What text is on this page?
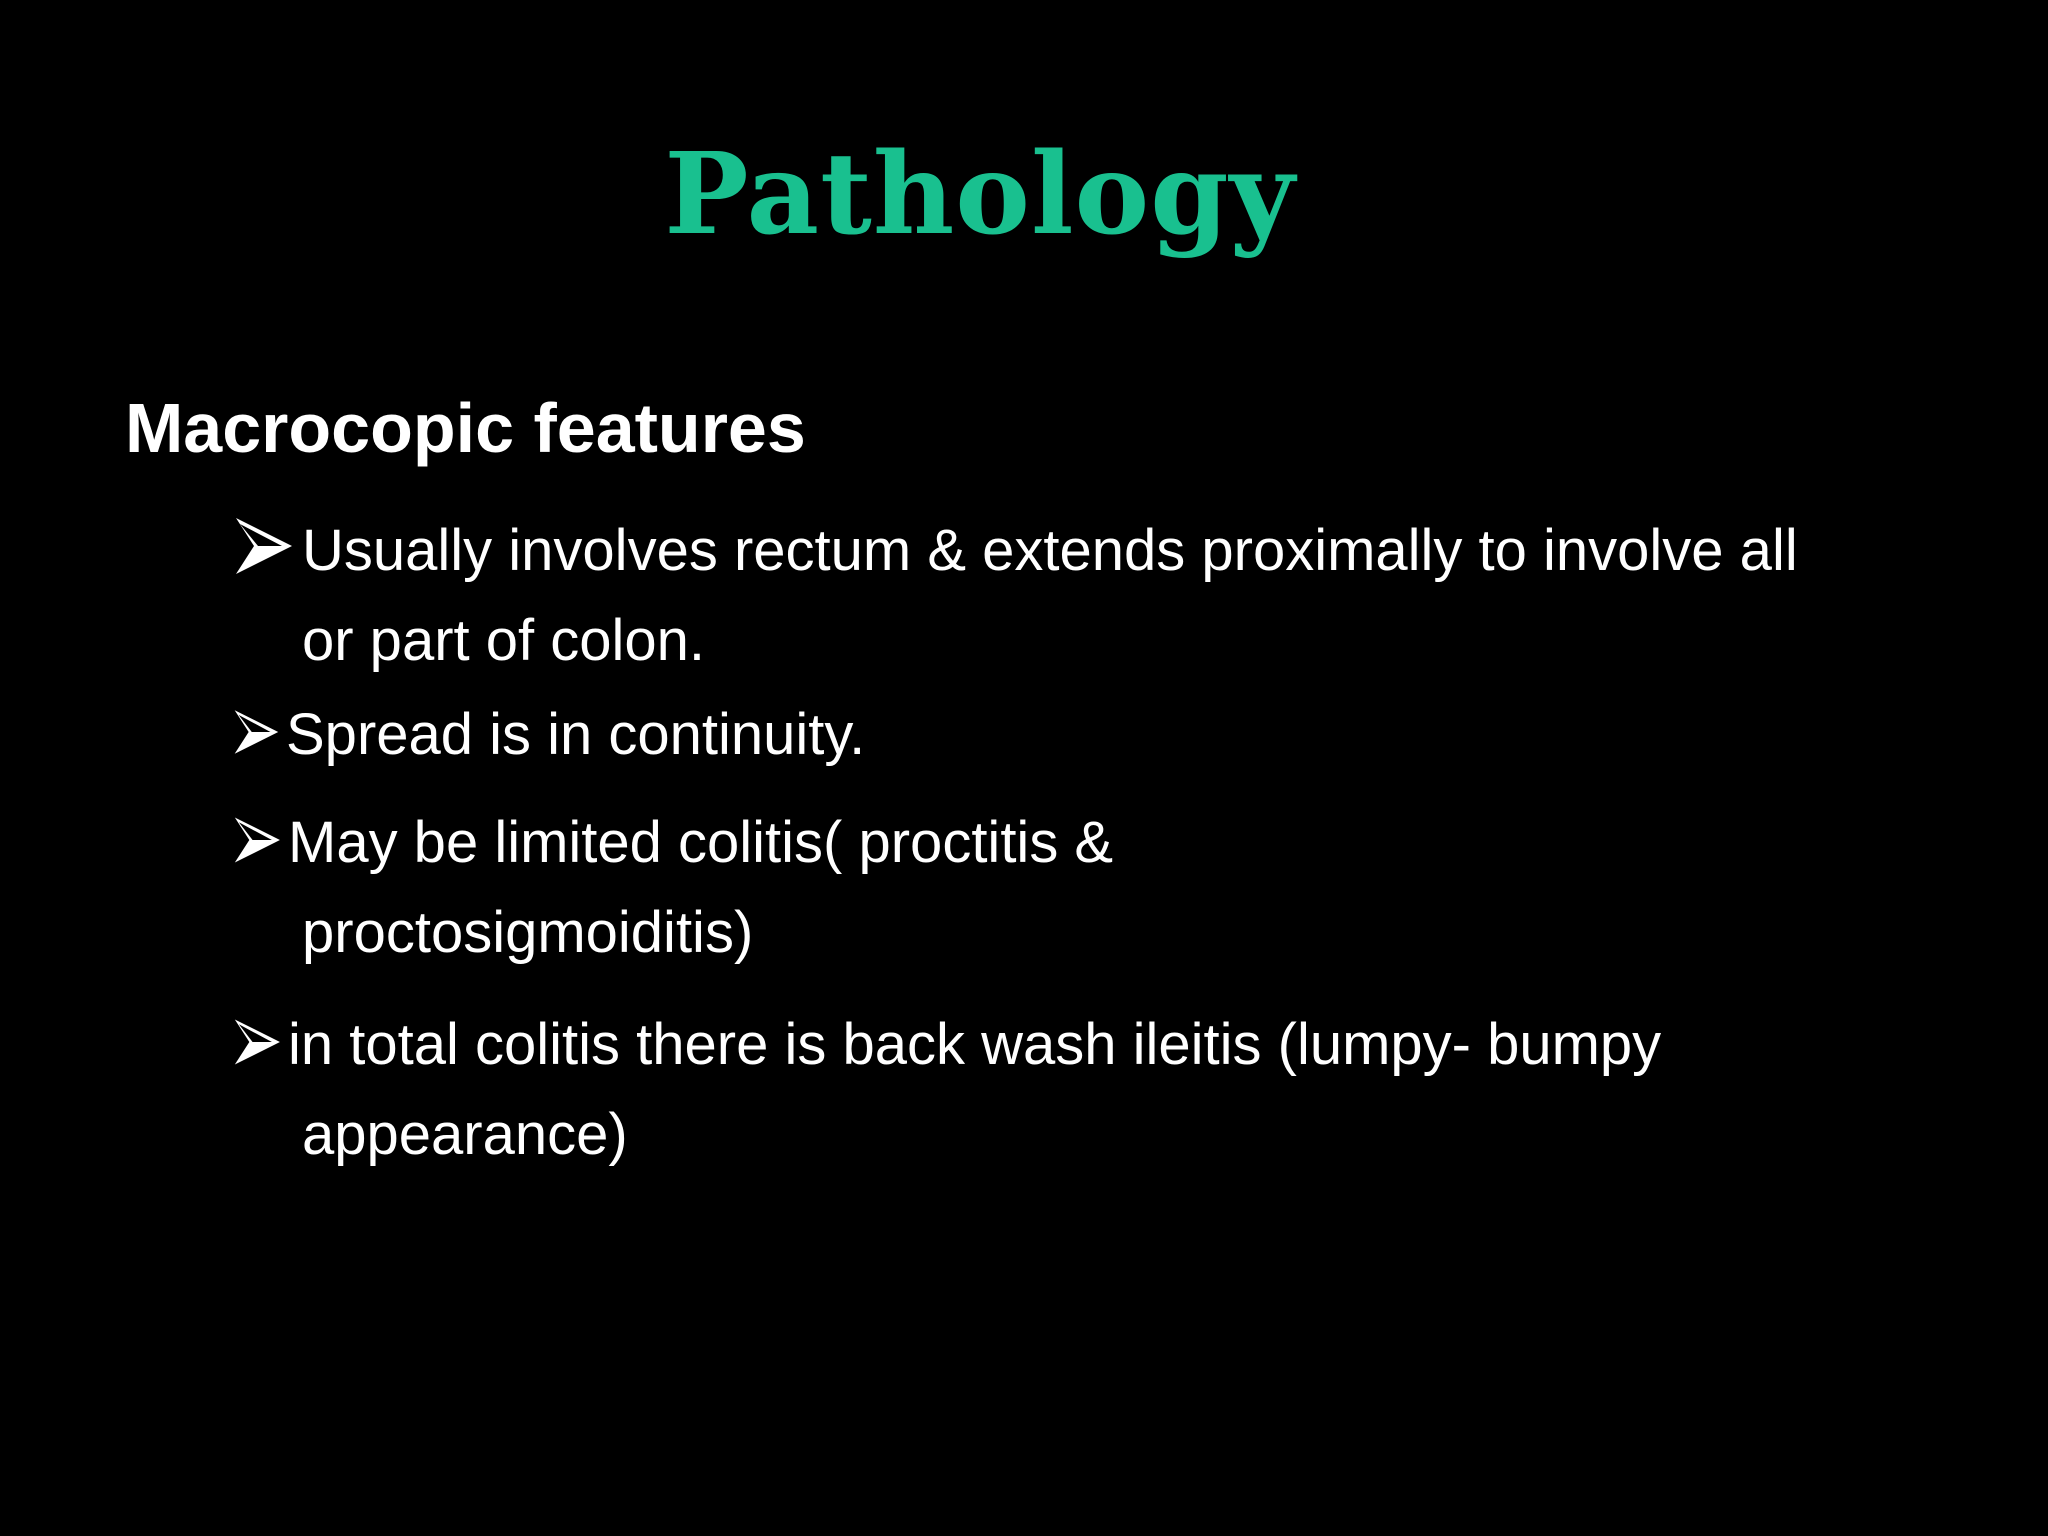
Pathology
Macrocopic features
Usually involves rectum & extends proximally to involve all
or part of colon.
Spread is in continuity.
May be limited colitis( proctitis &
proctosigmoiditis)
in total colitis there is back wash ileitis (lumpy- bumpy
appearance)
